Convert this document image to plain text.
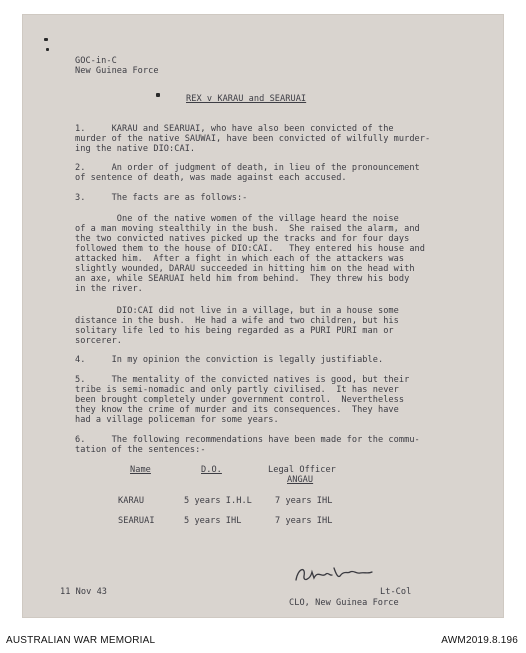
GOC-in-C
New Guinea Force
REX v KARAU and SEARUAI
1.     KARAU and SEARUAI, who have also been convicted of the
murder of the native SAUWAI, have been convicted of wilfully murder-
ing the native DIO:CAI.
2.     An order of judgment of death, in lieu of the pronouncement
of sentence of death, was made against each accused.
3.     The facts are as follows:-
One of the native women of the village heard the noise
of a man moving stealthily in the bush.  She raised the alarm, and
the two convicted natives picked up the tracks and for four days
followed them to the house of DIO:CAI.   They entered his house and
attacked him.  After a fight in which each of the attackers was
slightly wounded, DARAU succeeded in hitting him on the head with
an axe, while SEARUAI held him from behind.  They threw his body
in the river.
DIO:CAI did not live in a village, but in a house some
distance in the bush.  He had a wife and two children, but his
solitary life led to his being regarded as a PURI PURI man or
sorcerer.
4.     In my opinion the conviction is legally justifiable.
5.     The mentality of the convicted natives is good, but their
tribe is semi-nomadic and only partly civilised.  It has never
been brought completely under government control.  Nevertheless
they know the crime of murder and its consequences.  They have
had a village policeman for some years.
6.     The following recommendations have been made for the commu-
tation of the sentences:-
Name	D.O.	Legal Officer
ANGAU
KARAU	5 years I.H.L	7 years IHL
SEARUAI	5 years IHL	7 years IHL
11 Nov 43	Lt-Col
CLO, New Guinea Force
AUSTRALIAN WAR MEMORIAL	AWM2019.8.196
